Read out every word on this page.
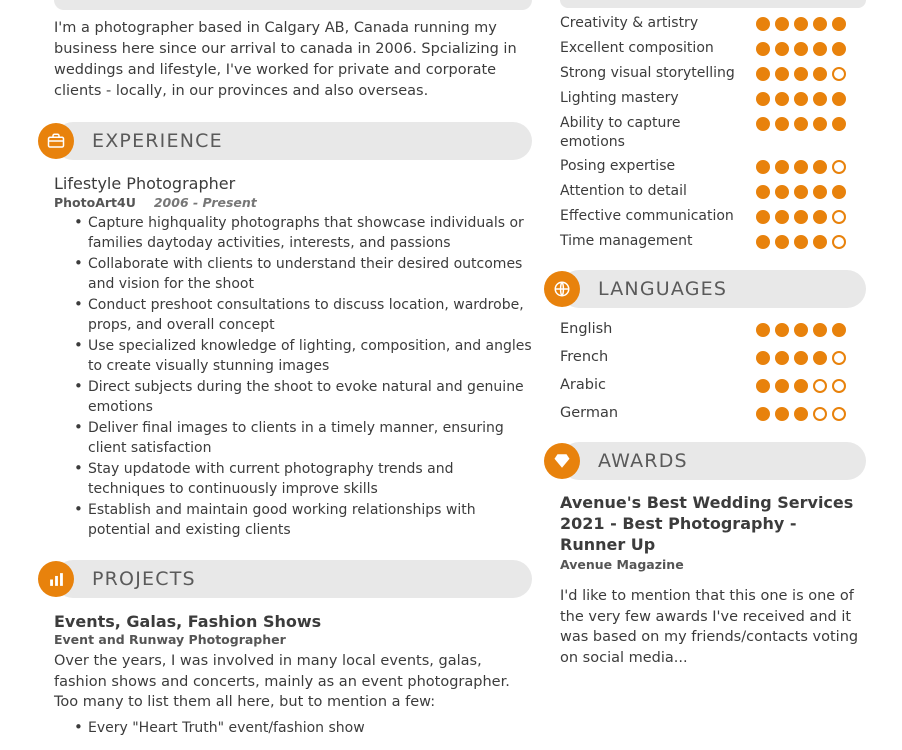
I'm a photographer based in Calgary AB, Canada running my business here since our arrival to canada in 2006. Spcializing in weddings and lifestyle, I've worked for private and corporate clients - locally, in our provinces and also overseas.

EXPERIENCE
Lifestyle Photographer

PhotoArt4U 2006 - Present

• Capture highquality photographs that showcase individuals or families daytoday activities, interests, and passions
• Collaborate with clients to understand their desired outcomes and vision for the shoot
• Conduct preshoot consultations to discuss location, wardrobe, props, and overall concept
• Use specialized knowledge of lighting, composition, and angles to create visually stunning images
• Direct subjects during the shoot to evoke natural and genuine emotions
• Deliver final images to clients in a timely manner, ensuring client satisfaction
• Stay updatode with current photography trends and techniques to continuously improve skills
• Establish and maintain good working relationships with potential and existing clients
PROJECTS
Events, Galas, Fashion Shows

Event and Runway Photographer

Over the years, I was involved in many local events, galas, fashion shows and concerts, mainly as an event photographer. Too many to list them all here, but to mention a few:

• Every "Heart Truth" event/fashion show
Creativity & artistry
Excellent composition
Strong visual storytelling
Lighting mastery
Ability to capture emotions
Posing expertise
Attention to detail
Effective communication
Time management
LANGUAGES
English
French
Arabic
German
AWARDS
Avenue's Best Wedding Services 2021 - Best Photography - Runner Up

Avenue Magazine

I'd like to mention that this one is one of the very few awards I've received and it was based on my friends/contacts voting on social media...
